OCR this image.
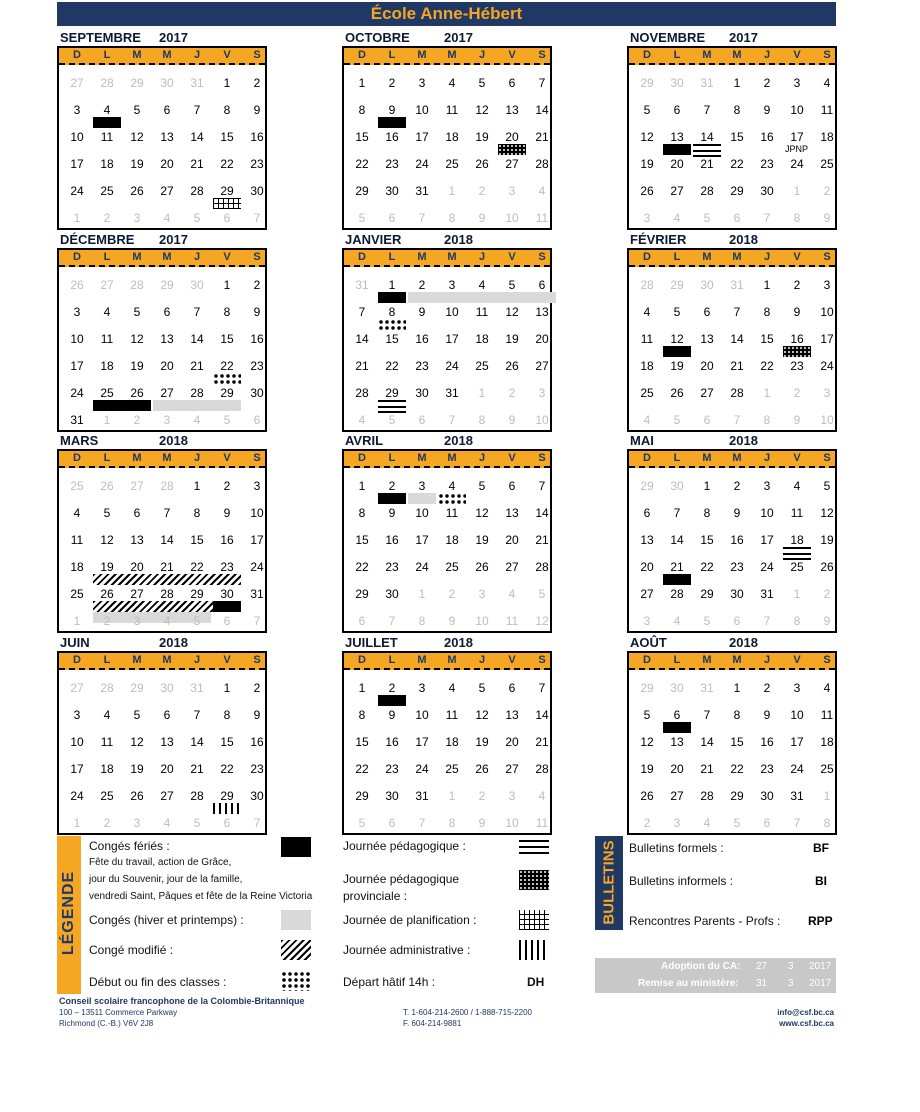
École Anne-Hébert
SEPTEMBRE 2017
D	L	M	M	J	V	S
27	28	29	30	31	1	2
3	4	5	6	7	8	9
10	11	12	13	14	15	16
17	18	19	20	21	22	23
24	25	26	27	28	29	30
1	2	3	4	5	6	7
OCTOBRE	2017
D	L	M	M	J	V	S
1	2	3	4	5	6	7
8	9	10	11	12	13	14
15	16	17	18	19	20	21
22	23	24	25	26	27	28
29	30	31	1	2	3	4
5	6	7	8	9	10	11
NOVEMBRE 2017
D	L	M	M	J	V	S
29	30	31	1	2	3	4
5	6	7	8	9	10	11
12	13	14	15	16	17	18
19	20	21	22	23	24	25
26	27	28	29	30	1	2
3	4	5	6	7	8	9
JPNP
DÉCEMBRE 2017
D	L	M	M	J	V	S
26	27	28	29	30	1	2
3	4	5	6	7	8	9
10	11	12	13	14	15	16
17	18	19	20	21	22	23
24	25	26	27	28	29	30
31	1	2	3	4	5	6
JANVIER	2018
D	L	M	M	J	V	S
31	1	2	3	4	5	6
7	8	9	10	11	12	13
14	15	16	17	18	19	20
21	22	23	24	25	26	27
28	29	30	31	1	2	3
4	5	6	7	8	9	10
FÉVRIER	2018
D	L	M	M	J	V	S
28	29	30	31	1	2	3
4	5	6	7	8	9	10
11	12	13	14	15	16	17
18	19	20	21	22	23	24
25	26	27	28	1	2	3
4	5	6	7	8	9	10
MARS	2018
D	L	M	M	J	V	S
25	26	27	28	1	2	3
4	5	6	7	8	9	10
11	12	13	14	15	16	17
18	19	20	21	22	23	24
25	26	27	28	29	30	31
1	2	3	4	5	6	7
AVRIL	2018
D	L	M	M	J	V	S
1	2	3	4	5	6	7
8	9	10	11	12	13	14
15	16	17	18	19	20	21
22	23	24	25	26	27	28
29	30	1	2	3	4	5
6	7	8	9	10	11	12
MAI	2018
D	L	M	M	J	V	S
29	30	1	2	3	4	5
6	7	8	9	10	11	12
13	14	15	16	17	18	19
20	21	22	23	24	25	26
27	28	29	30	31	1	2
3	4	5	6	7	8	9
JUIN	2018
D	L	M	M	J	V	S
27	28	29	30	31	1	2
3	4	5	6	7	8	9
10	11	12	13	14	15	16
17	18	19	20	21	22	23
24	25	26	27	28	29	30
1	2	3	4	5	6	7
JUILLET	2018
D	L	M	M	J	V	S
1	2	3	4	5	6	7
8	9	10	11	12	13	14
15	16	17	18	19	20	21
22	23	24	25	26	27	28
29	30	31	1	2	3	4
5	6	7	8	9	10	11
AOÛT	2018
D	L	M	M	J	V	S
29	30	31	1	2	3	4
5	6	7	8	9	10	11
12	13	14	15	16	17	18
19	20	21	22	23	24	25
26	27	28	29	30	31	1
2	3	4	5	6	7	8
LÉGENDE
Congés fériés :
Fête du travail, action de Grâce,
jour du Souvenir, jour de la famille,
vendredi Saint, Pâques et fête de la Reine Victoria
Congés (hiver et printemps) :
Congé modifié :
Début ou fin des classes :
Journée pédagogique :
Journée pédagogique
provinciale :
Journée de planification :
Journée administrative :
Départ hâtif 14h :	DH
BULLETINS Bulletins formels :	BF
Bulletins informels :	BI
Rencontres Parents - Profs : RPP
Adoption du CA: 27 3 2017
Remise au ministère: 31 3 2017
Conseil scolaire francophone de la Colombie-Britannique
100 – 13511 Commerce Parkway
Richmond (C.-B.) V6V 2J8
T. 1-604-214-2600 / 1-888-715-2200
F. 604-214-9881
info@csf.bc.ca
www.csf.bc.ca
